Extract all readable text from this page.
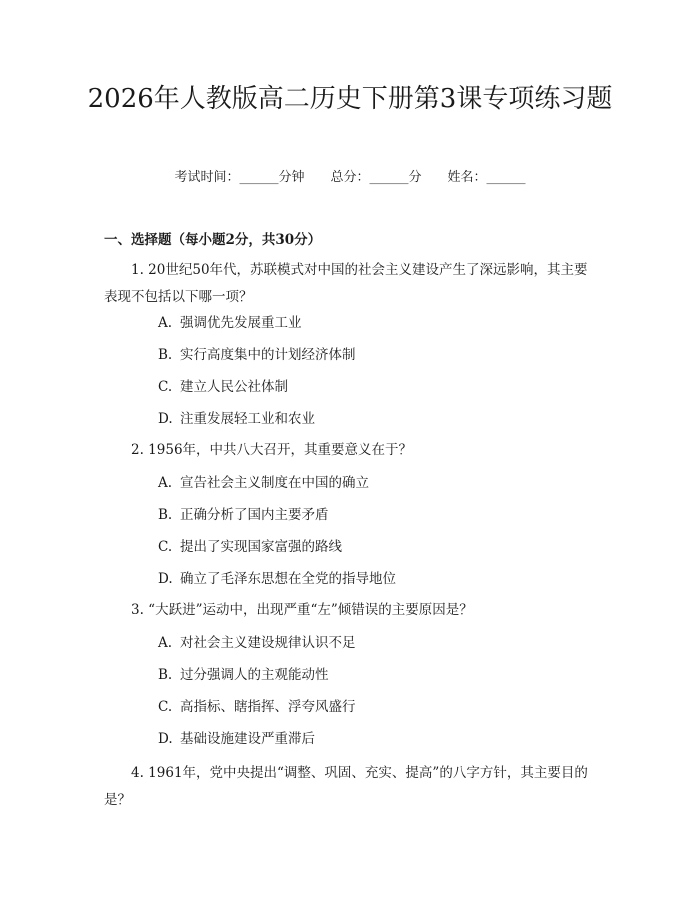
2026年人教版高二历史下册第3课专项练习题
考试时间：______分钟 总分：______分 姓名：______
一、选择题（每小题2分，共30分）
1. 20世纪50年代，苏联模式对中国的社会主义建设产生了深远影响，其主要表现不包括以下哪一项？
A. 强调优先发展重工业
B. 实行高度集中的计划经济体制
C. 建立人民公社体制
D. 注重发展轻工业和农业
2. 1956年，中共八大召开，其重要意义在于？
A. 宣告社会主义制度在中国的确立
B. 正确分析了国内主要矛盾
C. 提出了实现国家富强的路线
D. 确立了毛泽东思想在全党的指导地位
3. “大跃进”运动中，出现严重“左”倾错误的主要原因是？
A. 对社会主义建设规律认识不足
B. 过分强调人的主观能动性
C. 高指标、瞎指挥、浮夸风盛行
D. 基础设施建设严重滞后
4. 1961年，党中央提出“调整、巩固、充实、提高”的八字方针，其主要目的是？
